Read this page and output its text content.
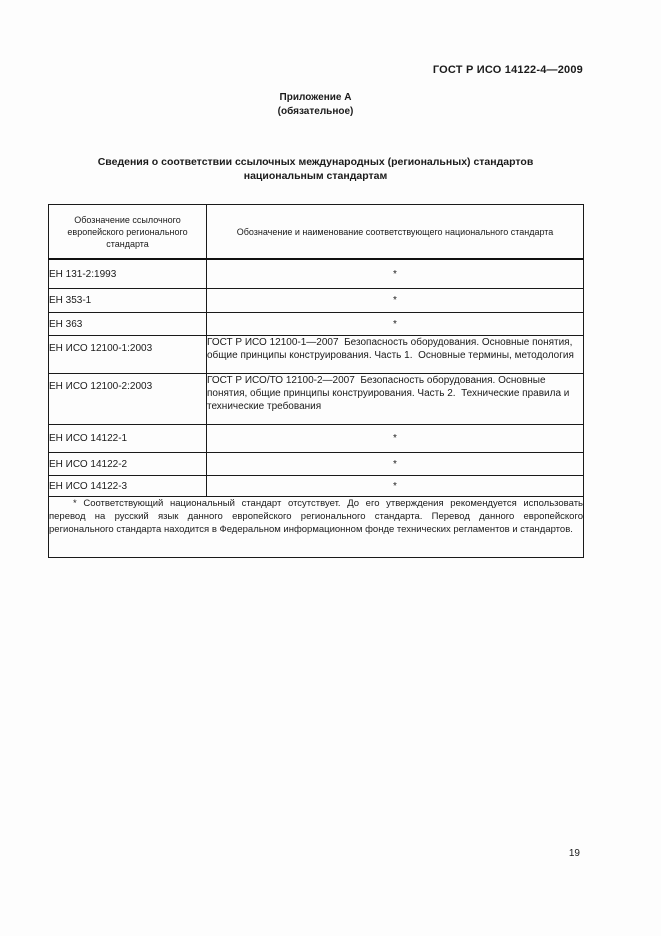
ГОСТ Р ИСО 14122-4—2009
Приложение А
(обязательное)
Сведения о соответствии ссылочных международных (региональных) стандартов
национальным стандартам
Обозначение ссылочного европейского регионального стандарта	Обозначение и наименование соответствующего национального стандарта
ЕН 131-2:1993	*
ЕН 353-1	*
ЕН 363	*
ЕН ИСО 12100-1:2003	ГОСТ Р ИСО 12100-1—2007  Безопасность оборудования. Основные понятия, общие принципы конструирования. Часть 1.  Основные термины, методология
ЕН ИСО 12100-2:2003	ГОСТ Р ИСО/ТО 12100-2—2007  Безопасность оборудования. Основные понятия, общие принципы конструирования. Часть 2.  Технические правила и технические требования
ЕН ИСО 14122-1	*
ЕН ИСО 14122-2	*
ЕН ИСО 14122-3	*

* Соответствующий национальный стандарт отсутствует. До его утверждения рекомендуется использовать перевод на русский язык данного европейского регионального стандарта. Перевод данного европейского регионального стандарта находится в Федеральном информационном фонде технических регламентов и стандартов.	
19
